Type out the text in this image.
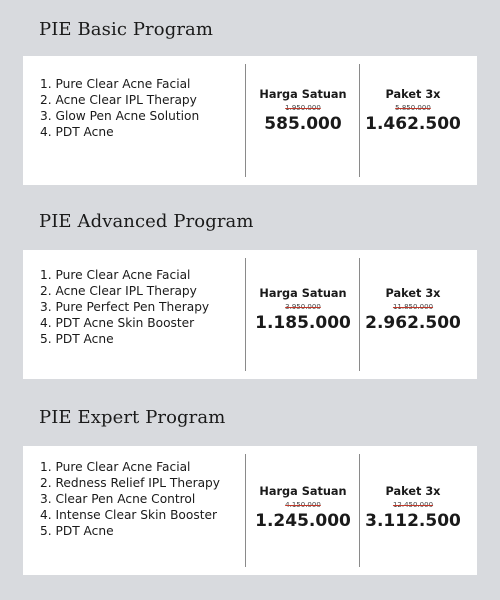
PIE Basic Program
1. Pure Clear Acne Facial
2. Acne Clear IPL Therapy
3. Glow Pen Acne Solution
4. PDT Acne
Harga Satuan
1.950.000
585.000
Paket 3x
5.850.000
1.462.500
PIE Advanced Program
1. Pure Clear Acne Facial
2. Acne Clear IPL Therapy
3. Pure Perfect Pen Therapy
4. PDT Acne Skin Booster
5. PDT Acne
Harga Satuan
3.950.000
1.185.000
Paket 3x
11.850.000
2.962.500
PIE Expert Program
1. Pure Clear Acne Facial
2. Redness Relief IPL Therapy
3. Clear Pen Acne Control
4. Intense Clear Skin Booster
5. PDT Acne
Harga Satuan
4.150.000
1.245.000
Paket 3x
12.450.000
3.112.500
